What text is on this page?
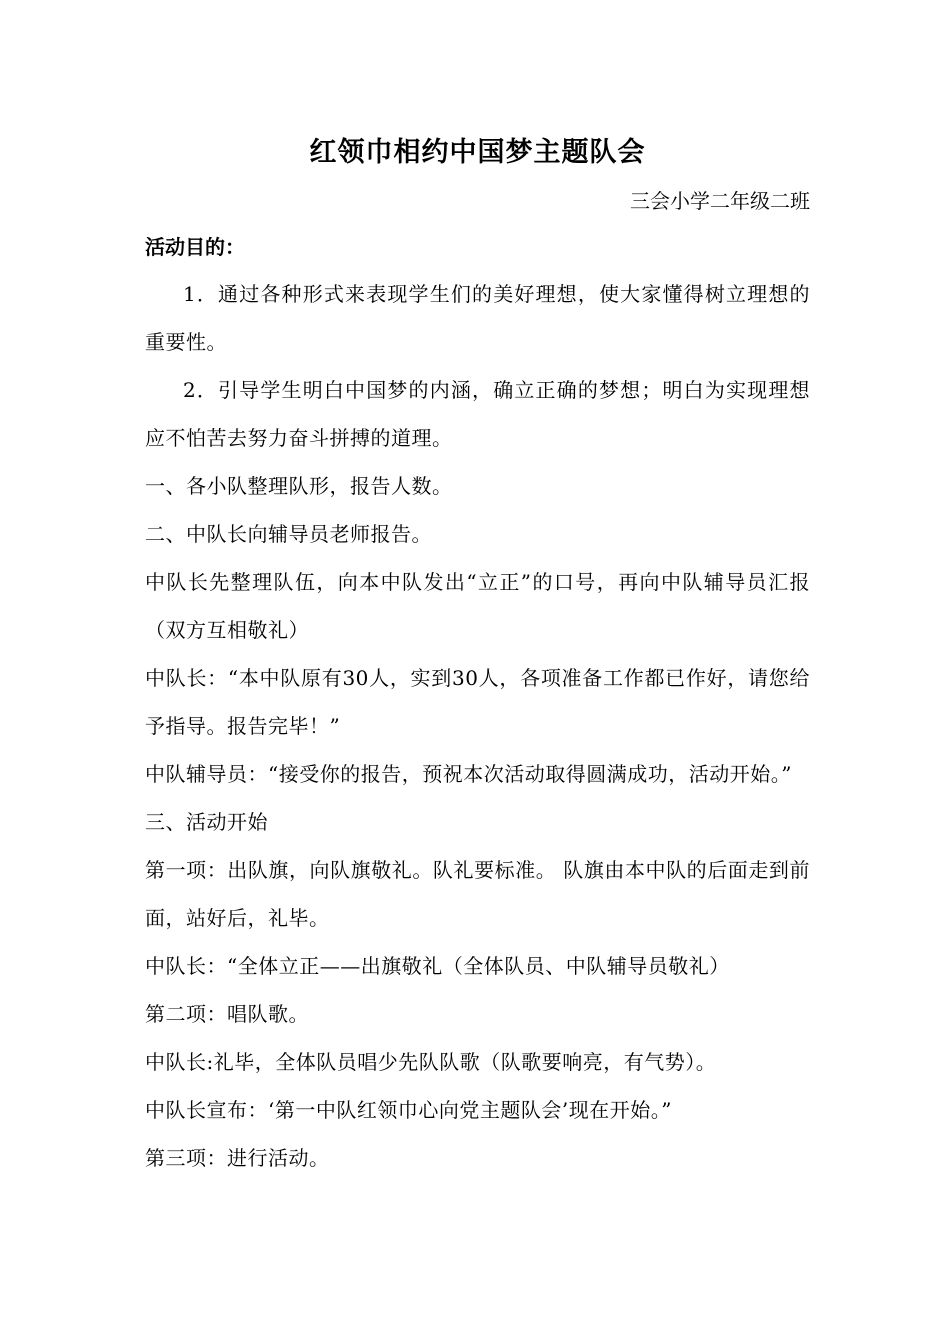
红领巾相约中国梦主题队会

三会小学二年级二班

活动目的：

1．通过各种形式来表现学生们的美好理想，使大家懂得树立理想的重要性。

2．引导学生明白中国梦的内涵，确立正确的梦想；明白为实现理想应不怕苦去努力奋斗拼搏的道理。

一、各小队整理队形，报告人数。

二、中队长向辅导员老师报告。

中队长先整理队伍，向本中队发出“立正”的口号，再向中队辅导员汇报（双方互相敬礼）

中队长：“本中队原有30人，实到30人，各项准备工作都已作好，请您给予指导。报告完毕！”

中队辅导员：“接受你的报告，预祝本次活动取得圆满成功，活动开始。”

三、活动开始

第一项：出队旗，向队旗敬礼。队礼要标准。 队旗由本中队的后面走到前面，站好后，礼毕。

中队长：“全体立正——出旗敬礼（全体队员、中队辅导员敬礼）

第二项：唱队歌。

中队长:礼毕，全体队员唱少先队队歌（队歌要响亮，有气势）。

中队长宣布：‘第一中队红领巾心向党主题队会’现在开始。”

第三项：进行活动。
